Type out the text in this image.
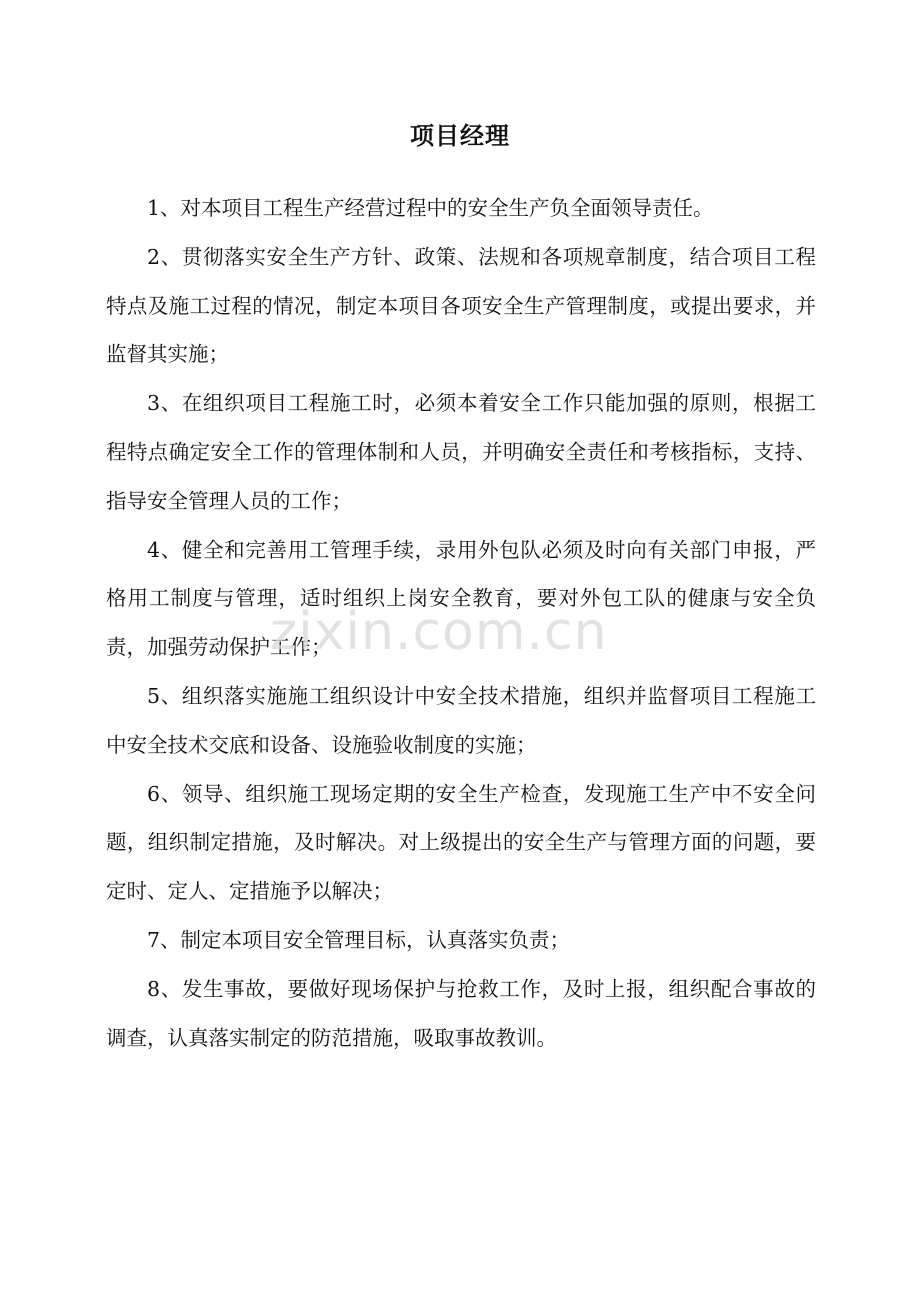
项目经理

1、对本项目工程生产经营过程中的安全生产负全面领导责任。

2、贯彻落实安全生产方针、政策、法规和各项规章制度，结合项目工程特点及施工过程的情况，制定本项目各项安全生产管理制度，或提出要求，并监督其实施；

3、在组织项目工程施工时，必须本着安全工作只能加强的原则，根据工程特点确定安全工作的管理体制和人员，并明确安全责任和考核指标，支持、指导安全管理人员的工作；

4、健全和完善用工管理手续，录用外包队必须及时向有关部门申报，严格用工制度与管理，适时组织上岗安全教育，要对外包工队的健康与安全负责，加强劳动保护工作；

5、组织落实施施工组织设计中安全技术措施，组织并监督项目工程施工中安全技术交底和设备、设施验收制度的实施；

6、领导、组织施工现场定期的安全生产检查，发现施工生产中不安全问题，组织制定措施，及时解决。对上级提出的安全生产与管理方面的问题，要定时、定人、定措施予以解决；

7、制定本项目安全管理目标，认真落实负责；

8、发生事故，要做好现场保护与抢救工作，及时上报，组织配合事故的调查，认真落实制定的防范措施，吸取事故教训。

zixin.com.cn
